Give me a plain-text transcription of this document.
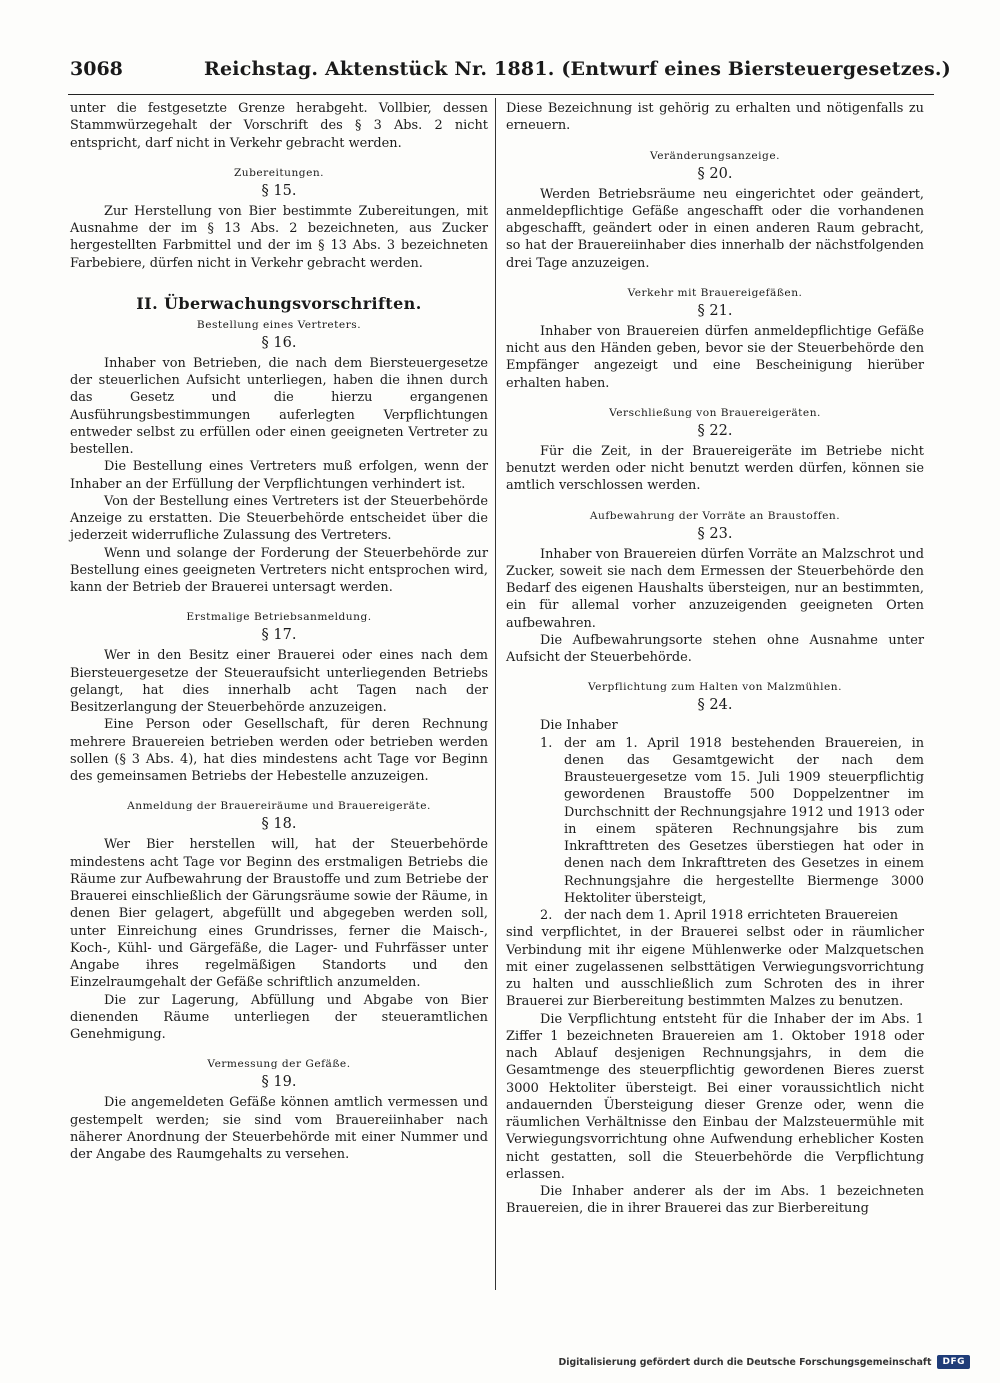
3068	Reichstag. Aktenstück Nr. 1881. (Entwurf eines Biersteuergesetzes.)

unter die festgesetzte Grenze herabgeht. Vollbier, dessen Stammwürzegehalt der Vorschrift des § 3 Abs. 2 nicht entspricht, darf nicht in Verkehr gebracht werden.

Zubereitungen.
§ 15.

Zur Herstellung von Bier bestimmte Zubereitungen, mit Ausnahme der im § 13 Abs. 2 bezeichneten, aus Zucker hergestellten Farbmittel und der im § 13 Abs. 3 bezeichneten Farbebiere, dürfen nicht in Verkehr gebracht werden.

II. Überwachungsvorschriften.
Bestellung eines Vertreters.
§ 16.

Inhaber von Betrieben, die nach dem Biersteuergesetze der steuerlichen Aufsicht unterliegen, haben die ihnen durch das Gesetz und die hierzu ergangenen Ausführungsbestimmungen auferlegten Verpflichtungen entweder selbst zu erfüllen oder einen geeigneten Vertreter zu bestellen.

Die Bestellung eines Vertreters muß erfolgen, wenn der Inhaber an der Erfüllung der Verpflichtungen verhindert ist.

Von der Bestellung eines Vertreters ist der Steuerbehörde Anzeige zu erstatten. Die Steuerbehörde entscheidet über die jederzeit widerrufliche Zulassung des Vertreters.

Wenn und solange der Forderung der Steuerbehörde zur Bestellung eines geeigneten Vertreters nicht entsprochen wird, kann der Betrieb der Brauerei untersagt werden.

Erstmalige Betriebsanmeldung.
§ 17.

Wer in den Besitz einer Brauerei oder eines nach dem Biersteuergesetze der Steueraufsicht unterliegenden Betriebs gelangt, hat dies innerhalb acht Tagen nach der Besitzerlangung der Steuerbehörde anzuzeigen.

Eine Person oder Gesellschaft, für deren Rechnung mehrere Brauereien betrieben werden oder betrieben werden sollen (§ 3 Abs. 4), hat dies mindestens acht Tage vor Beginn des gemeinsamen Betriebs der Hebestelle anzuzeigen.

Anmeldung der Brauereiräume und Brauereigeräte.
§ 18.

Wer Bier herstellen will, hat der Steuerbehörde mindestens acht Tage vor Beginn des erstmaligen Betriebs die Räume zur Aufbewahrung der Braustoffe und zum Betriebe der Brauerei einschließlich der Gärungsräume sowie der Räume, in denen Bier gelagert, abgefüllt und abgegeben werden soll, unter Einreichung eines Grundrisses, ferner die Maisch-, Koch-, Kühl- und Gärgefäße, die Lager- und Fuhrfässer unter Angabe ihres regelmäßigen Standorts und den Einzelraumgehalt der Gefäße schriftlich anzumelden.

Die zur Lagerung, Abfüllung und Abgabe von Bier dienenden Räume unterliegen der steueramtlichen Genehmigung.

Vermessung der Gefäße.
§ 19.

Die angemeldeten Gefäße können amtlich vermessen und gestempelt werden; sie sind vom Brauereiinhaber nach näherer Anordnung der Steuerbehörde mit einer Nummer und der Angabe des Raumgehalts zu versehen.

Diese Bezeichnung ist gehörig zu erhalten und nötigenfalls zu erneuern.

Veränderungsanzeige.
§ 20.

Werden Betriebsräume neu eingerichtet oder geändert, anmeldepflichtige Gefäße angeschafft oder die vorhandenen abgeschafft, geändert oder in einen anderen Raum gebracht, so hat der Brauereiinhaber dies innerhalb der nächstfolgenden drei Tage anzuzeigen.

Verkehr mit Brauereigefäßen.
§ 21.

Inhaber von Brauereien dürfen anmeldepflichtige Gefäße nicht aus den Händen geben, bevor sie der Steuerbehörde den Empfänger angezeigt und eine Bescheinigung hierüber erhalten haben.

Verschließung von Brauereigeräten.
§ 22.

Für die Zeit, in der Brauereigeräte im Betriebe nicht benutzt werden oder nicht benutzt werden dürfen, können sie amtlich verschlossen werden.

Aufbewahrung der Vorräte an Braustoffen.
§ 23.

Inhaber von Brauereien dürfen Vorräte an Malzschrot und Zucker, soweit sie nach dem Ermessen der Steuerbehörde den Bedarf des eigenen Haushalts übersteigen, nur an bestimmten, ein für allemal vorher anzuzeigenden geeigneten Orten aufbewahren.

Die Aufbewahrungsorte stehen ohne Ausnahme unter Aufsicht der Steuerbehörde.

Verpflichtung zum Halten von Malzmühlen.
§ 24.

Die Inhaber

1. der am 1. April 1918 bestehenden Brauereien, in denen das Gesamtgewicht der nach dem Brausteuergesetze vom 15. Juli 1909 steuerpflichtig gewordenen Braustoffe 500 Doppelzentner im Durchschnitt der Rechnungsjahre 1912 und 1913 oder in einem späteren Rechnungsjahre bis zum Inkrafttreten des Gesetzes überstiegen hat oder in denen nach dem Inkrafttreten des Gesetzes in einem Rechnungsjahre die hergestellte Biermenge 3000 Hektoliter übersteigt,
2. der nach dem 1. April 1918 errichteten Brauereien

sind verpflichtet, in der Brauerei selbst oder in räumlicher Verbindung mit ihr eigene Mühlenwerke oder Malzquetschen mit einer zugelassenen selbsttätigen Verwiegungsvorrichtung zu halten und ausschließlich zum Schroten des in ihrer Brauerei zur Bierbereitung bestimmten Malzes zu benutzen.

Die Verpflichtung entsteht für die Inhaber der im Abs. 1 Ziffer 1 bezeichneten Brauereien am 1. Oktober 1918 oder nach Ablauf desjenigen Rechnungsjahrs, in dem die Gesamtmenge des steuerpflichtig gewordenen Bieres zuerst 3000 Hektoliter übersteigt. Bei einer voraussichtlich nicht andauernden Übersteigung dieser Grenze oder, wenn die räumlichen Verhältnisse den Einbau der Malzsteuermühle mit Verwiegungsvorrichtung ohne Aufwendung erheblicher Kosten nicht gestatten, soll die Steuerbehörde die Verpflichtung erlassen.

Die Inhaber anderer als der im Abs. 1 bezeichneten Brauereien, die in ihrer Brauerei das zur Bierbereitung

Digitalisierung gefördert durch die Deutsche Forschungsgemeinschaft	DFG
